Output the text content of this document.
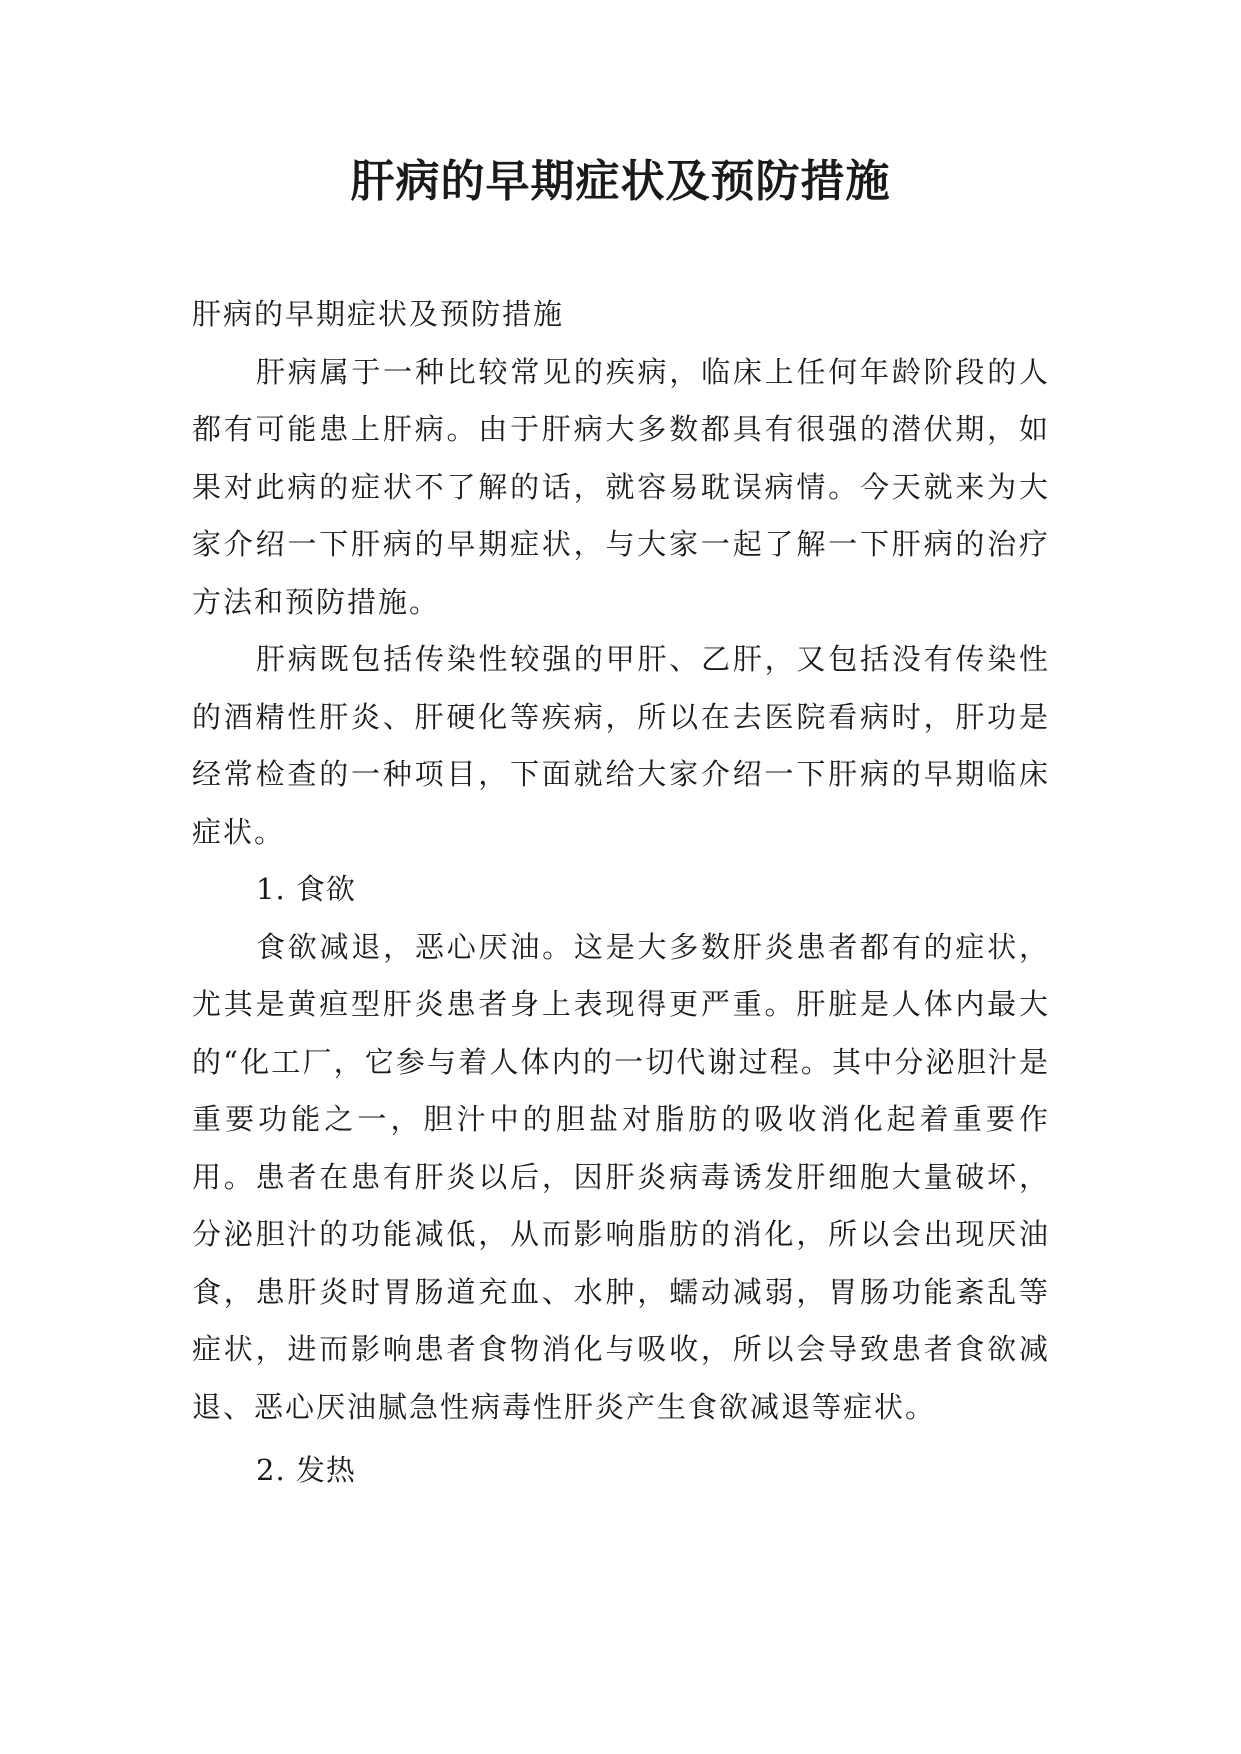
肝病的早期症状及预防措施

肝病的早期症状及预防措施

肝病属于一种比较常见的疾病，临床上任何年龄阶段的人都有可能患上肝病。由于肝病大多数都具有很强的潜伏期，如果对此病的症状不了解的话，就容易耽误病情。今天就来为大家介绍一下肝病的早期症状，与大家一起了解一下肝病的治疗方法和预防措施。

肝病既包括传染性较强的甲肝、乙肝，又包括没有传染性的酒精性肝炎、肝硬化等疾病，所以在去医院看病时，肝功是经常检查的一种项目，下面就给大家介绍一下肝病的早期临床症状。

1. 食欲

食欲减退，恶心厌油。这是大多数肝炎患者都有的症状，尤其是黄疸型肝炎患者身上表现得更严重。肝脏是人体内最大的“化工厂，它参与着人体内的一切代谢过程。其中分泌胆汁是重要功能之一，胆汁中的胆盐对脂肪的吸收消化起着重要作用。患者在患有肝炎以后，因肝炎病毒诱发肝细胞大量破坏，分泌胆汁的功能减低，从而影响脂肪的消化，所以会出现厌油食，患肝炎时胃肠道充血、水肿，蠕动减弱，胃肠功能紊乱等症状，进而影响患者食物消化与吸收，所以会导致患者食欲减退、恶心厌油腻急性病毒性肝炎产生食欲减退等症状。

2. 发热
